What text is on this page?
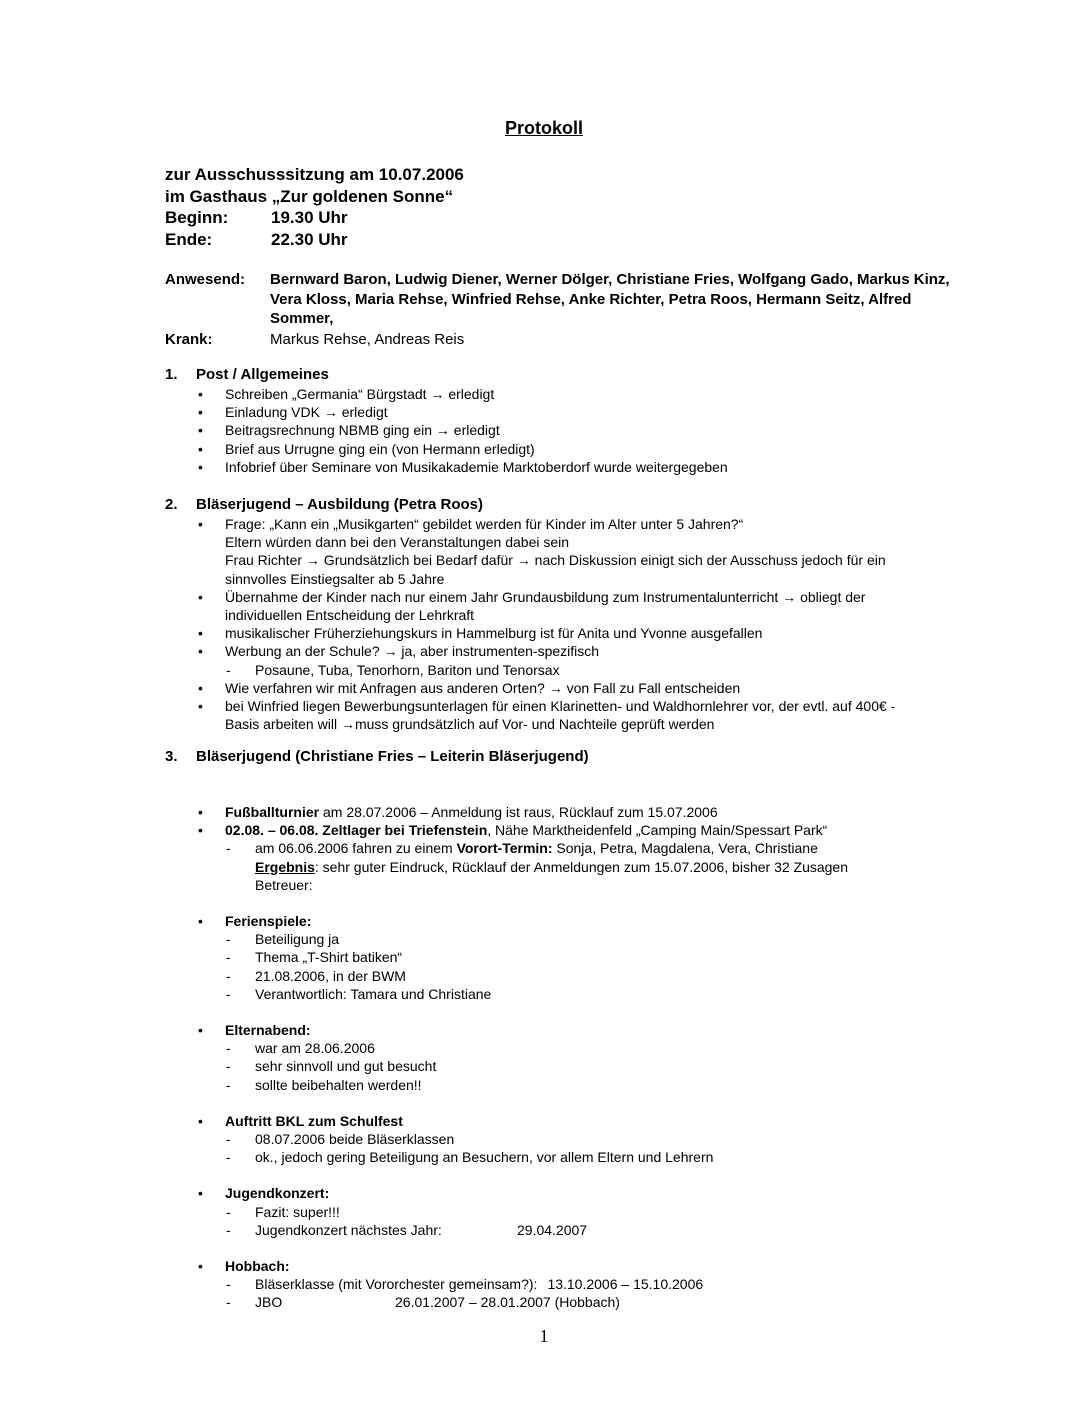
Protokoll
zur Ausschusssitzung am 10.07.2006
im Gasthaus „Zur goldenen Sonne“
Beginn:	19.30 Uhr
Ende:	22.30 Uhr
Anwesend: Bernward Baron, Ludwig Diener, Werner Dölger, Christiane Fries, Wolfgang Gado, Markus Kinz, Vera Kloss, Maria Rehse, Winfried Rehse, Anke Richter, Petra Roos, Hermann Seitz, Alfred Sommer,
Krank:	Markus Rehse, Andreas Reis
1. Post / Allgemeines
• Schreiben „Germania“ Bürgstadt → erledigt
• Einladung VDK → erledigt
• Beitragsrechnung NBMB ging ein → erledigt
• Brief aus Urrugne ging ein (von Hermann erledigt)
• Infobrief über Seminare von Musikakademie Marktoberdorf wurde weitergegeben
2. Bläserjugend – Ausbildung (Petra Roos)
• Frage: „Kann ein „Musikgarten“ gebildet werden für Kinder im Alter unter 5 Jahren?“
Eltern würden dann bei den Veranstaltungen dabei sein
Frau Richter → Grundsätzlich bei Bedarf dafür → nach Diskussion einigt sich der Ausschuss jedoch für ein sinnvolles Einstiegsalter ab 5 Jahre
• Übernahme der Kinder nach nur einem Jahr Grundausbildung zum Instrumentalunterricht → obliegt der individuellen Entscheidung der Lehrkraft
• musikalischer Früherziehungskurs in Hammelburg ist für Anita und Yvonne ausgefallen
• Werbung an der Schule? → ja, aber instrumenten-spezifisch
- Posaune, Tuba, Tenorhorn, Bariton und Tenorsax
• Wie verfahren wir mit Anfragen aus anderen Orten? → von Fall zu Fall entscheiden
• bei Winfried liegen Bewerbungsunterlagen für einen Klarinetten- und Waldhornlehrer vor, der evtl. auf 400€ - Basis arbeiten will →muss grundsätzlich auf Vor- und Nachteile geprüft werden
3. Bläserjugend (Christiane Fries – Leiterin Bläserjugend)
• Fußballturnier am 28.07.2006 – Anmeldung ist raus, Rücklauf zum 15.07.2006
• 02.08. – 06.08. Zeltlager bei Triefenstein, Nähe Marktheidenfeld „Camping Main/Spessart Park“
- am 06.06.2006 fahren zu einem Vorort-Termin: Sonja, Petra, Magdalena, Vera, Christiane
Ergebnis: sehr guter Eindruck, Rücklauf der Anmeldungen zum 15.07.2006, bisher 32 Zusagen
Betreuer:
• Ferienspiele:
- Beteiligung ja
- Thema „T-Shirt batiken“
- 21.08.2006, in der BWM
- Verantwortlich: Tamara und Christiane
• Elternabend:
- war am 28.06.2006
- sehr sinnvoll und gut besucht
- sollte beibehalten werden!!
• Auftritt BKL zum Schulfest
- 08.07.2006 beide Bläserklassen
- ok., jedoch gering Beteiligung an Besuchern, vor allem Eltern und Lehrern
• Jugendkonzert:
- Fazit: super!!!
- Jugendkonzert nächstes Jahr:	29.04.2007
• Hobbach:
- Bläserklasse (mit Vororchester gemeinsam?): 13.10.2006 – 15.10.2006
- JBO	26.01.2007 – 28.01.2007 (Hobbach)
1
